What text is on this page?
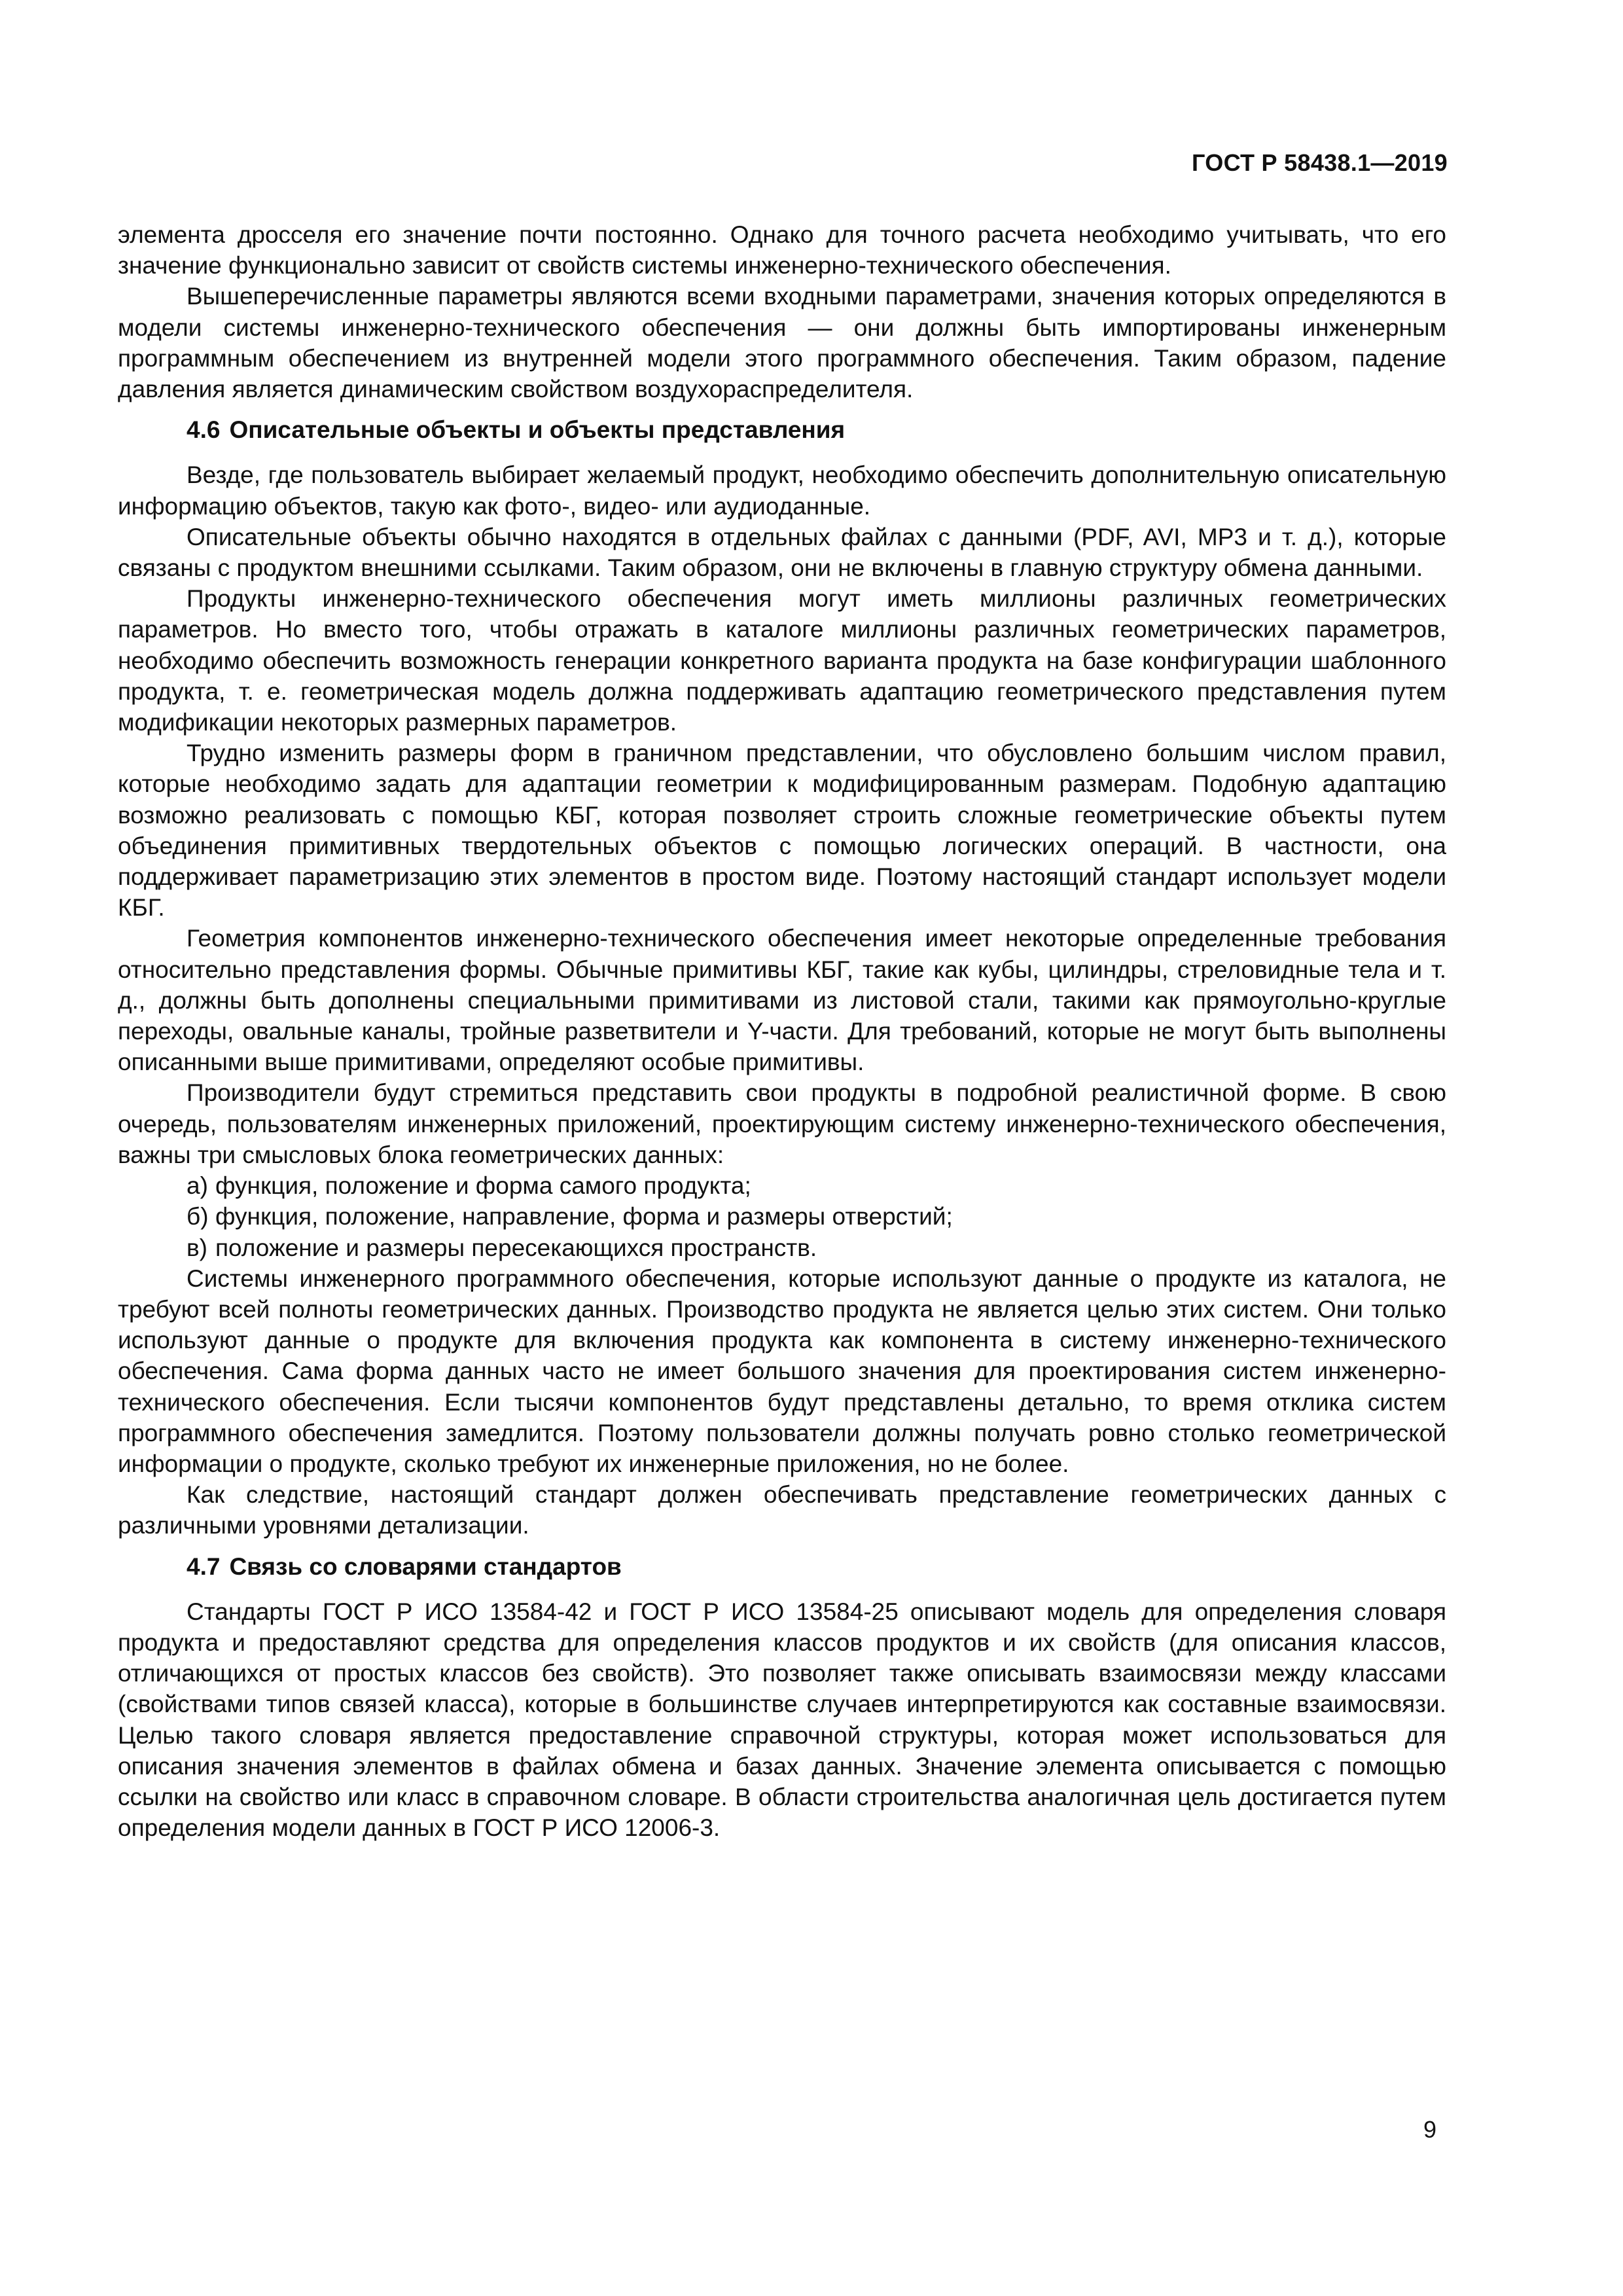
ГОСТ Р 58438.1—2019

элемента дросселя его значение почти постоянно. Однако для точного расчета необходимо учитывать, что его значение функционально зависит от свойств системы инженерно-технического обеспечения.

Вышеперечисленные параметры являются всеми входными параметрами, значения которых определяются в модели системы инженерно-технического обеспечения — они должны быть импортированы инженерным программным обеспечением из внутренней модели этого программного обеспечения. Таким образом, падение давления является динамическим свойством воздухораспределителя.

4.6 Описательные объекты и объекты представления

Везде, где пользователь выбирает желаемый продукт, необходимо обеспечить дополнительную описательную информацию объектов, такую как фото-, видео- или аудиоданные.

Описательные объекты обычно находятся в отдельных файлах с данными (PDF, AVI, MP3 и т. д.), которые связаны с продуктом внешними ссылками. Таким образом, они не включены в главную структуру обмена данными.

Продукты инженерно-технического обеспечения могут иметь миллионы различных геометрических параметров. Но вместо того, чтобы отражать в каталоге миллионы различных геометрических параметров, необходимо обеспечить возможность генерации конкретного варианта продукта на базе конфигурации шаблонного продукта, т. е. геометрическая модель должна поддерживать адаптацию геометрического представления путем модификации некоторых размерных параметров.

Трудно изменить размеры форм в граничном представлении, что обусловлено большим числом правил, которые необходимо задать для адаптации геометрии к модифицированным размерам. Подобную адаптацию возможно реализовать с помощью КБГ, которая позволяет строить сложные геометрические объекты путем объединения примитивных твердотельных объектов с помощью логических операций. В частности, она поддерживает параметризацию этих элементов в простом виде. Поэтому настоящий стандарт использует модели КБГ.

Геометрия компонентов инженерно-технического обеспечения имеет некоторые определенные требования относительно представления формы. Обычные примитивы КБГ, такие как кубы, цилиндры, стреловидные тела и т. д., должны быть дополнены специальными примитивами из листовой стали, такими как прямоугольно-круглые переходы, овальные каналы, тройные разветвители и Y-части. Для требований, которые не могут быть выполнены описанными выше примитивами, определяют особые примитивы.

Производители будут стремиться представить свои продукты в подробной реалистичной форме. В свою очередь, пользователям инженерных приложений, проектирующим систему инженерно-технического обеспечения, важны три смысловых блока геометрических данных:

а) функция, положение и форма самого продукта;

б) функция, положение, направление, форма и размеры отверстий;

в) положение и размеры пересекающихся пространств.

Системы инженерного программного обеспечения, которые используют данные о продукте из каталога, не требуют всей полноты геометрических данных. Производство продукта не является целью этих систем. Они только используют данные о продукте для включения продукта как компонента в систему инженерно-технического обеспечения. Сама форма данных часто не имеет большого значения для проектирования систем инженерно-технического обеспечения. Если тысячи компонентов будут представлены детально, то время отклика систем программного обеспечения замедлится. Поэтому пользователи должны получать ровно столько геометрической информации о продукте, сколько требуют их инженерные приложения, но не более.

Как следствие, настоящий стандарт должен обеспечивать представление геометрических данных с различными уровнями детализации.

4.7 Связь со словарями стандартов

Стандарты ГОСТ Р ИСО 13584-42 и ГОСТ Р ИСО 13584-25 описывают модель для определения словаря продукта и предоставляют средства для определения классов продуктов и их свойств (для описания классов, отличающихся от простых классов без свойств). Это позволяет также описывать взаимосвязи между классами (свойствами типов связей класса), которые в большинстве случаев интерпретируются как составные взаимосвязи. Целью такого словаря является предоставление справочной структуры, которая может использоваться для описания значения элементов в файлах обмена и базах данных. Значение элемента описывается с помощью ссылки на свойство или класс в справочном словаре. В области строительства аналогичная цель достигается путем определения модели данных в ГОСТ Р ИСО 12006-3.

9
